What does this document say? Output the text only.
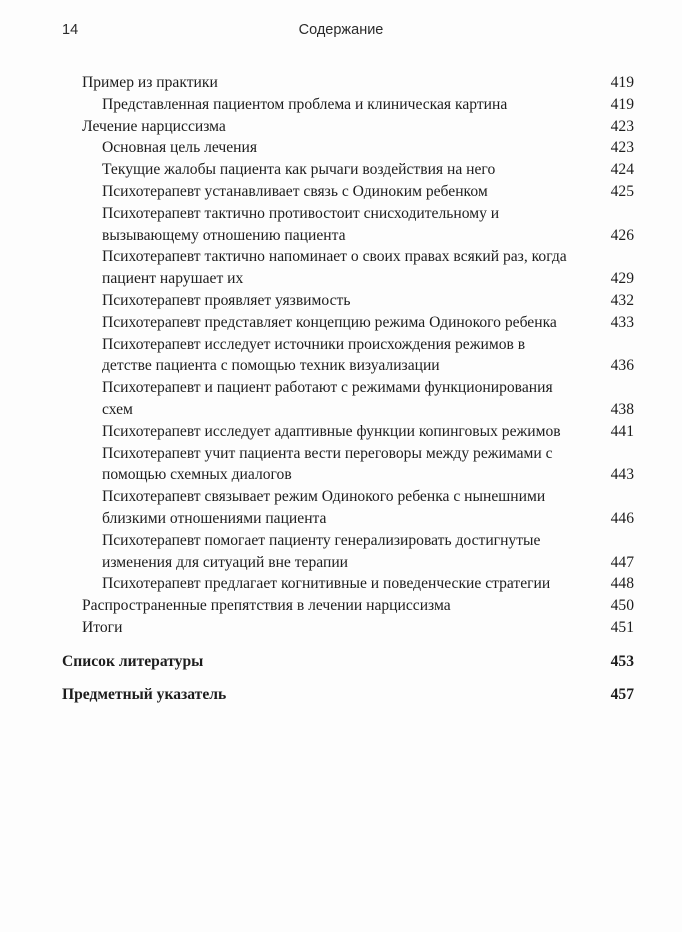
14	Содержание
Пример из практики	419
Представленная пациентом проблема и клиническая картина	419
Лечение нарциссизма	423
Основная цель лечения	423
Текущие жалобы пациента как рычаги воздействия на него	424
Психотерапевт устанавливает связь с Одиноким ребенком	425
Психотерапевт тактично противостоит снисходительному и вызывающему отношению пациента	426
Психотерапевт тактично напоминает о своих правах всякий раз, когда пациент нарушает их	429
Психотерапевт проявляет уязвимость	432
Психотерапевт представляет концепцию режима Одинокого ребенка	433
Психотерапевт исследует источники происхождения режимов в детстве пациента с помощью техник визуализации	436
Психотерапевт и пациент работают с режимами функционирования схем	438
Психотерапевт исследует адаптивные функции копинговых режимов	441
Психотерапевт учит пациента вести переговоры между режимами с помощью схемных диалогов	443
Психотерапевт связывает режим Одинокого ребенка с нынешними близкими отношениями пациента	446
Психотерапевт помогает пациенту генерализировать достигнутые изменения для ситуаций вне терапии	447
Психотерапевт предлагает когнитивные и поведенческие стратегии	448
Распространенные препятствия в лечении нарциссизма	450
Итоги	451
Список литературы	453
Предметный указатель	457
